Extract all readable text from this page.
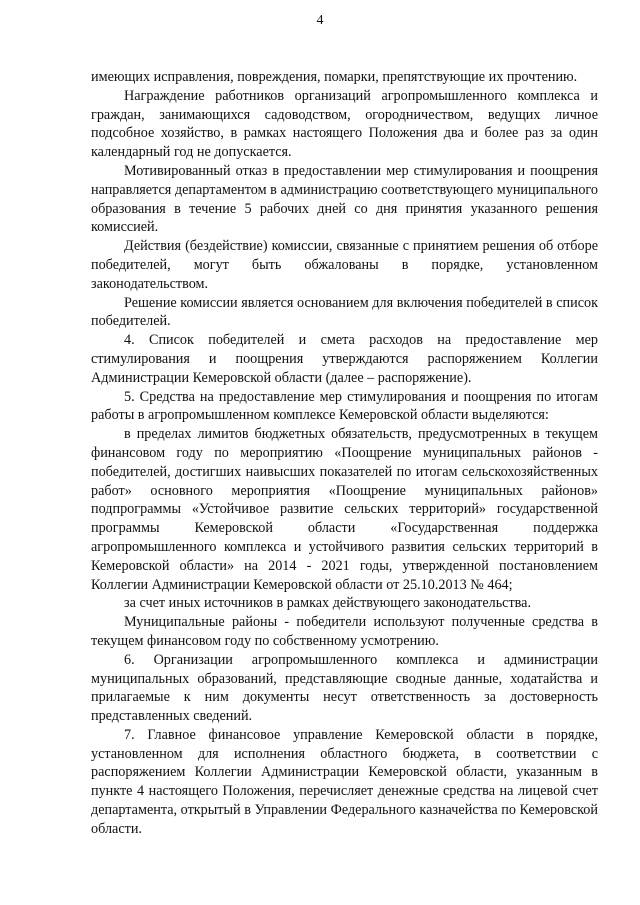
4

имеющих исправления, повреждения, помарки, препятствующие их прочтению.

Награждение работников организаций агропромышленного комплекса и граждан, занимающихся садоводством, огородничеством, ведущих личное подсобное хозяйство, в рамках настоящего Положения два и более раз за один календарный год не допускается.

Мотивированный отказ в предоставлении мер стимулирования и поощрения направляется департаментом в администрацию соответствующего муниципального образования в течение 5 рабочих дней со дня принятия указанного решения комиссией.

Действия (бездействие) комиссии, связанные с принятием решения об отборе победителей, могут быть обжалованы в порядке, установленном законодательством.

Решение комиссии является основанием для включения победителей в список победителей.

4. Список победителей и смета расходов на предоставление мер стимулирования и поощрения утверждаются распоряжением Коллегии Администрации Кемеровской области (далее – распоряжение).

5. Средства на предоставление мер стимулирования и поощрения по итогам работы в агропромышленном комплексе Кемеровской области выделяются:

в пределах лимитов бюджетных обязательств, предусмотренных в текущем финансовом году по мероприятию «Поощрение муниципальных районов - победителей, достигших наивысших показателей по итогам сельскохозяйственных работ» основного мероприятия «Поощрение муниципальных районов» подпрограммы «Устойчивое развитие сельских территорий» государственной программы Кемеровской области «Государственная поддержка агропромышленного комплекса и устойчивого развития сельских территорий в Кемеровской области» на 2014 - 2021 годы, утвержденной постановлением Коллегии Администрации Кемеровской области от 25.10.2013 № 464;

за счет иных источников в рамках действующего законодательства.

Муниципальные районы - победители используют полученные средства в текущем финансовом году по собственному усмотрению.

6. Организации агропромышленного комплекса и администрации муниципальных образований, представляющие сводные данные, ходатайства и прилагаемые к ним документы несут ответственность за достоверность представленных сведений.

7. Главное финансовое управление Кемеровской области в порядке, установленном для исполнения областного бюджета, в соответствии с распоряжением Коллегии Администрации Кемеровской области, указанным в пункте 4 настоящего Положения, перечисляет денежные средства на лицевой счет департамента, открытый в Управлении Федерального казначейства по Кемеровской области.
